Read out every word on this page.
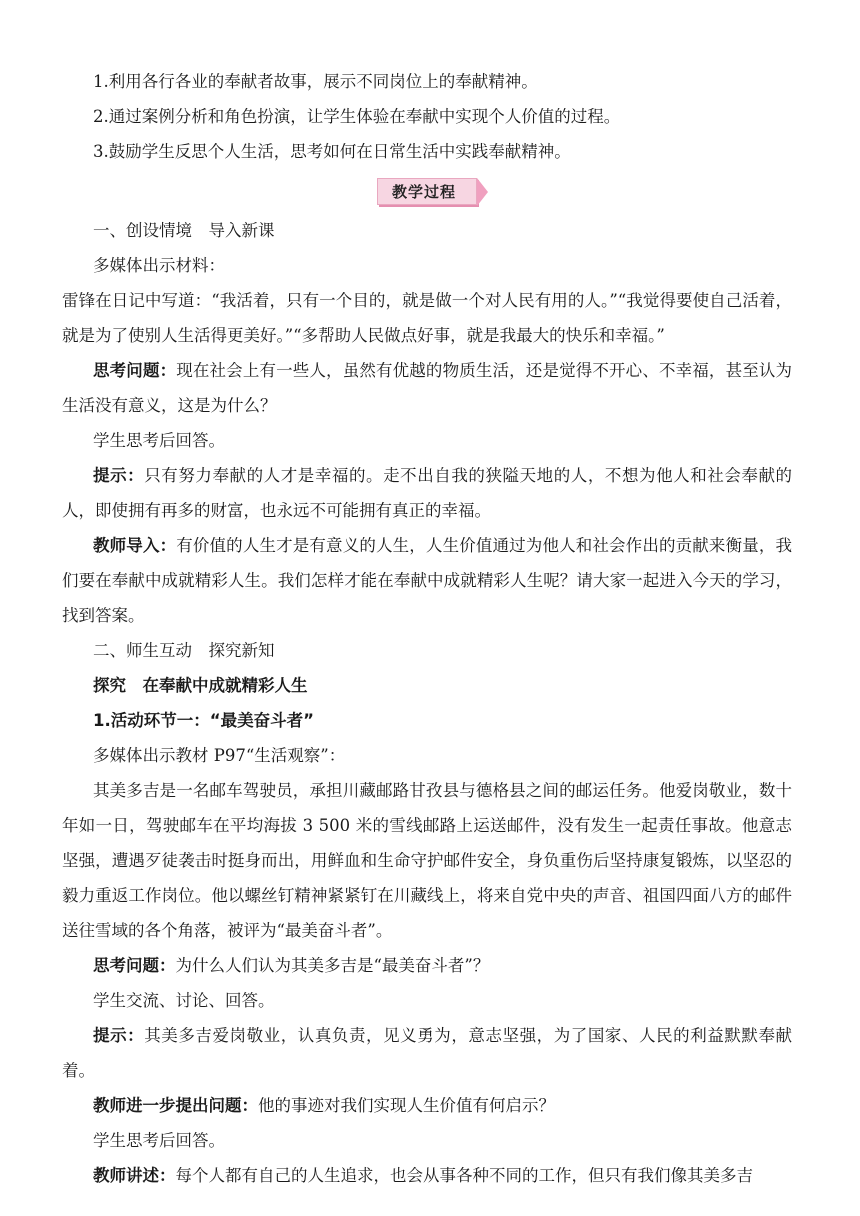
1.利用各行各业的奉献者故事，展示不同岗位上的奉献精神。

2.通过案例分析和角色扮演，让学生体验在奉献中实现个人价值的过程。

3.鼓励学生反思个人生活，思考如何在日常生活中实践奉献精神。

教学过程

一、创设情境　导入新课

多媒体出示材料：

雷锋在日记中写道：“我活着，只有一个目的，就是做一个对人民有用的人。”“我觉得要使自己活着，就是为了使别人生活得更美好。”“多帮助人民做点好事，就是我最大的快乐和幸福。”

思考问题：现在社会上有一些人，虽然有优越的物质生活，还是觉得不开心、不幸福，甚至认为生活没有意义，这是为什么？

学生思考后回答。

提示：只有努力奉献的人才是幸福的。走不出自我的狭隘天地的人，不想为他人和社会奉献的人，即使拥有再多的财富，也永远不可能拥有真正的幸福。

教师导入：有价值的人生才是有意义的人生，人生价值通过为他人和社会作出的贡献来衡量，我们要在奉献中成就精彩人生。我们怎样才能在奉献中成就精彩人生呢？请大家一起进入今天的学习，找到答案。

二、师生互动　探究新知

探究　在奉献中成就精彩人生

1.活动环节一：“最美奋斗者”

多媒体出示教材 P97“生活观察”：

其美多吉是一名邮车驾驶员，承担川藏邮路甘孜县与德格县之间的邮运任务。他爱岗敬业，数十年如一日，驾驶邮车在平均海拔 3 500 米的雪线邮路上运送邮件，没有发生一起责任事故。他意志坚强，遭遇歹徒袭击时挺身而出，用鲜血和生命守护邮件安全，身负重伤后坚持康复锻炼，以坚忍的毅力重返工作岗位。他以螺丝钉精神紧紧钉在川藏线上，将来自党中央的声音、祖国四面八方的邮件送往雪域的各个角落，被评为“最美奋斗者”。

思考问题：为什么人们认为其美多吉是“最美奋斗者”？

学生交流、讨论、回答。

提示：其美多吉爱岗敬业，认真负责，见义勇为，意志坚强，为了国家、人民的利益默默奉献着。

教师进一步提出问题：他的事迹对我们实现人生价值有何启示？

学生思考后回答。

教师讲述：每个人都有自己的人生追求，也会从事各种不同的工作，但只有我们像其美多吉
